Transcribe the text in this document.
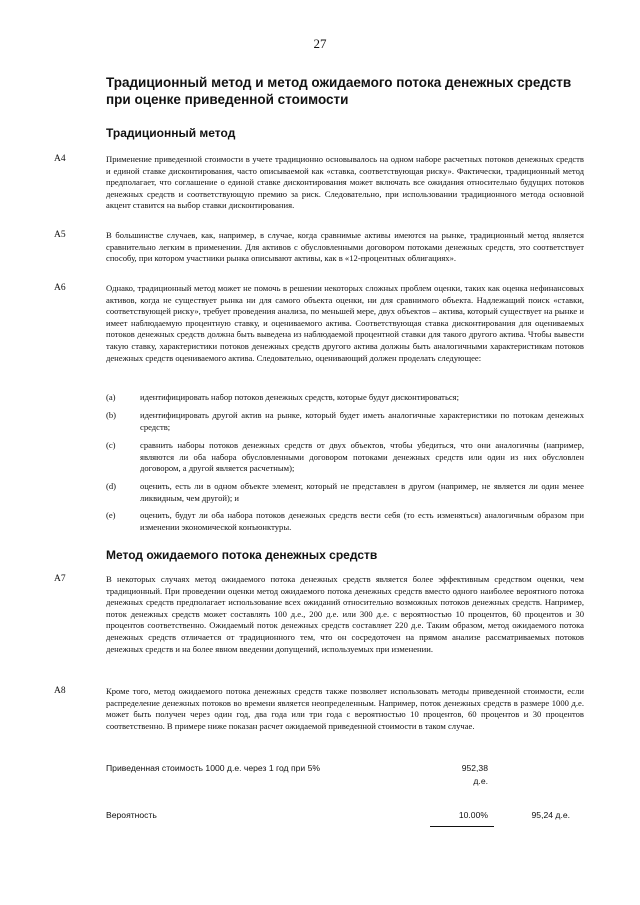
27
Традиционный метод и метод ожидаемого потока денежных средств при оценке приведенной стоимости
Традиционный метод
A4	Применение приведенной стоимости в учете традиционно основывалось на одном наборе расчетных потоков денежных средств и единой ставке дисконтирования, часто описываемой как «ставка, соответствующая риску». Фактически, традиционный метод предполагает, что соглашение о единой ставке дисконтирования может включать все ожидания относительно будущих потоков денежных средств и соответствующую премию за риск. Следовательно, при использовании традиционного метода основной акцент ставится на выбор ставки дисконтирования.
A5	В большинстве случаев, как, например, в случае, когда сравнимые активы имеются на рынке, традиционный метод является сравнительно легким в применении. Для активов с обусловленными договором потоками денежных средств, это соответствует способу, при котором участники рынка описывают активы, как в «12-процентных облигациях».
A6	Однако, традиционный метод может не помочь в решении некоторых сложных проблем оценки, таких как оценка нефинансовых активов, когда не существует рынка ни для самого объекта оценки, ни для сравнимого объекта. Надлежащий поиск «ставки, соответствующей риску», требует проведения анализа, по меньшей мере, двух объектов – актива, который существует на рынке и имеет наблюдаемую процентную ставку, и оцениваемого актива. Соответствующая ставка дисконтирования для оцениваемых потоков денежных средств должна быть выведена из наблюдаемой процентной ставки для такого другого актива. Чтобы вывести такую ставку, характеристики потоков денежных средств другого актива должны быть аналогичными характеристикам потоков денежных средств оцениваемого актива. Следовательно, оценивающий должен проделать следующее:
(a)	идентифицировать набор потоков денежных средств, которые будут дисконтироваться;
(b)	идентифицировать другой актив на рынке, который будет иметь аналогичные характеристики по потокам денежных средств;
(c)	сравнить наборы потоков денежных средств от двух объектов, чтобы убедиться, что они аналогичны (например, являются ли оба набора обусловленными договором потоками денежных средств или один из них обусловлен договором, а другой является расчетным);
(d)	оценить, есть ли в одном объекте элемент, который не представлен в другом (например, не является ли один менее ликвидным, чем другой); и
(e)	оценить, будут ли оба набора потоков денежных средств вести себя (то есть изменяться) аналогичным образом при изменении экономической конъюнктуры.
Метод ожидаемого потока денежных средств
A7	В некоторых случаях метод ожидаемого потока денежных средств является более эффективным средством оценки, чем традиционный. При проведении оценки метод ожидаемого потока денежных средств вместо одного наиболее вероятного потока денежных средств предполагает использование всех ожиданий относительно возможных потоков денежных средств. Например, поток денежных средств может составлять 100 д.е., 200 д.е. или 300 д.е. с вероятностью 10 процентов, 60 процентов и 30 процентов соответственно. Ожидаемый поток денежных средств составляет 220 д.е. Таким образом, метод ожидаемого потока денежных средств отличается от традиционного тем, что он сосредоточен на прямом анализе рассматриваемых потоков денежных средств и на более явном введении допущений, используемых при изменении.
A8	Кроме того, метод ожидаемого потока денежных средств также позволяет использовать методы приведенной стоимости, если распределение денежных потоков во времени является неопределенным. Например, поток денежных средств в размере 1000 д.е. может быть получен через один год, два года или три года с вероятностью 10 процентов, 60 процентов и 30 процентов соответственно. В примере ниже показан расчет ожидаемой приведенной стоимости в таком случае.
Приведенная стоимость 1000 д.е. через 1 год при 5%	952,38
д.е.
Вероятность	10.00%	95,24 д.е.
